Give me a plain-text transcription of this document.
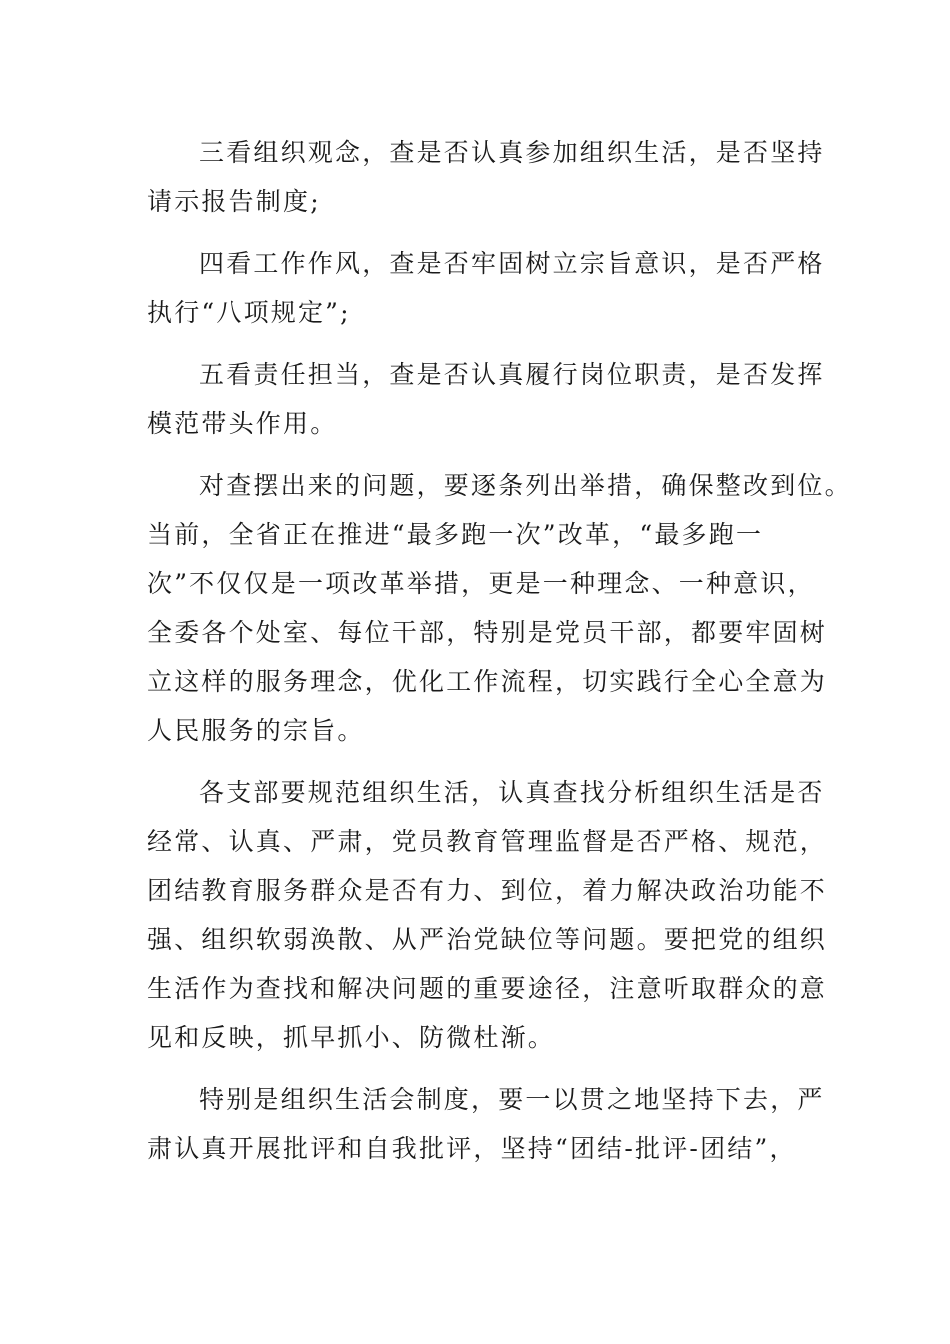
三看组织观念，查是否认真参加组织生活，是否坚持
请示报告制度;

四看工作作风，查是否牢固树立宗旨意识，是否严格
执行“八项规定”;

五看责任担当，查是否认真履行岗位职责，是否发挥
模范带头作用。

对查摆出来的问题，要逐条列出举措，确保整改到位。
当前，全省正在推进“最多跑一次”改革，“最多跑一
次”不仅仅是一项改革举措，更是一种理念、一种意识，
全委各个处室、每位干部，特别是党员干部，都要牢固树
立这样的服务理念，优化工作流程，切实践行全心全意为
人民服务的宗旨。

各支部要规范组织生活，认真查找分析组织生活是否
经常、认真、严肃，党员教育管理监督是否严格、规范，
团结教育服务群众是否有力、到位，着力解决政治功能不
强、组织软弱涣散、从严治党缺位等问题。要把党的组织
生活作为查找和解决问题的重要途径，注意听取群众的意
见和反映，抓早抓小、防微杜渐。

特别是组织生活会制度，要一以贯之地坚持下去，严
肃认真开展批评和自我批评，坚持“团结-批评-团结”，
